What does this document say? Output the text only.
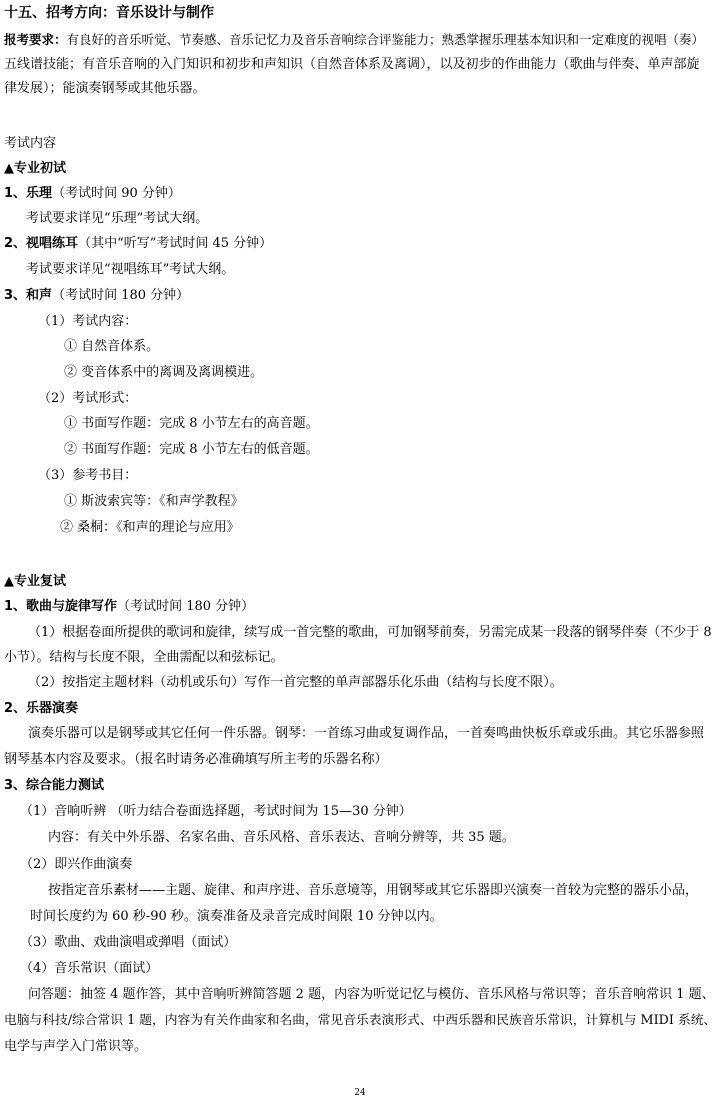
十五、招考方向：音乐设计与制作
报考要求：有良好的音乐听觉、节奏感、音乐记忆力及音乐音响综合评鉴能力；熟悉掌握乐理基本知识和一定难度的视唱（奏）
五线谱技能；有音乐音响的入门知识和初步和声知识（自然音体系及离调），以及初步的作曲能力（歌曲与伴奏、单声部旋
律发展）；能演奏钢琴或其他乐器。
考试内容
▲专业初试
1、乐理（考试时间 90 分钟）
考试要求详见“乐理”考试大纲。
2、视唱练耳（其中“听写”考试时间 45 分钟）
考试要求详见“视唱练耳”考试大纲。
3、和声（考试时间 180 分钟）
（1）考试内容：
① 自然音体系。
② 变音体系中的离调及离调模进。
（2）考试形式：
① 书面写作题：完成 8 小节左右的高音题。
② 书面写作题：完成 8 小节左右的低音题。
（3）参考书目：
① 斯波索宾等：《和声学教程》
② 桑桐：《和声的理论与应用》
▲专业复试
1、歌曲与旋律写作（考试时间 180 分钟）
（1）根据卷面所提供的歌词和旋律，续写成一首完整的歌曲，可加钢琴前奏，另需完成某一段落的钢琴伴奏（不少于 8
小节）。结构与长度不限，全曲需配以和弦标记。
（2）按指定主题材料（动机或乐句）写作一首完整的单声部器乐化乐曲（结构与长度不限）。
2、乐器演奏
演奏乐器可以是钢琴或其它任何一件乐器。钢琴：一首练习曲或复调作品，一首奏鸣曲快板乐章或乐曲。其它乐器参照
钢琴基本内容及要求。（报名时请务必准确填写所主考的乐器名称）
3、综合能力测试
（1）音响听辨 （听力结合卷面选择题，考试时间为 15—30 分钟）
内容：有关中外乐器、名家名曲、音乐风格、音乐表达、音响分辨等，共 35 题。
（2）即兴作曲演奏
按指定音乐素材——主题、旋律、和声序进、音乐意境等，用钢琴或其它乐器即兴演奏一首较为完整的器乐小品，
时间长度约为 60 秒-90 秒。演奏准备及录音完成时间限 10 分钟以内。
（3）歌曲、戏曲演唱或弹唱（面试）
（4）音乐常识（面试）
问答题：抽签 4 题作答，其中音响听辨简答题 2 题，内容为听觉记忆与模仿、音乐风格与常识等；音乐音响常识 1 题、
电脑与科技/综合常识 1 题，内容为有关作曲家和名曲，常见音乐表演形式、中西乐器和民族音乐常识，计算机与 MIDI 系统、
电学与声学入门常识等。
24
